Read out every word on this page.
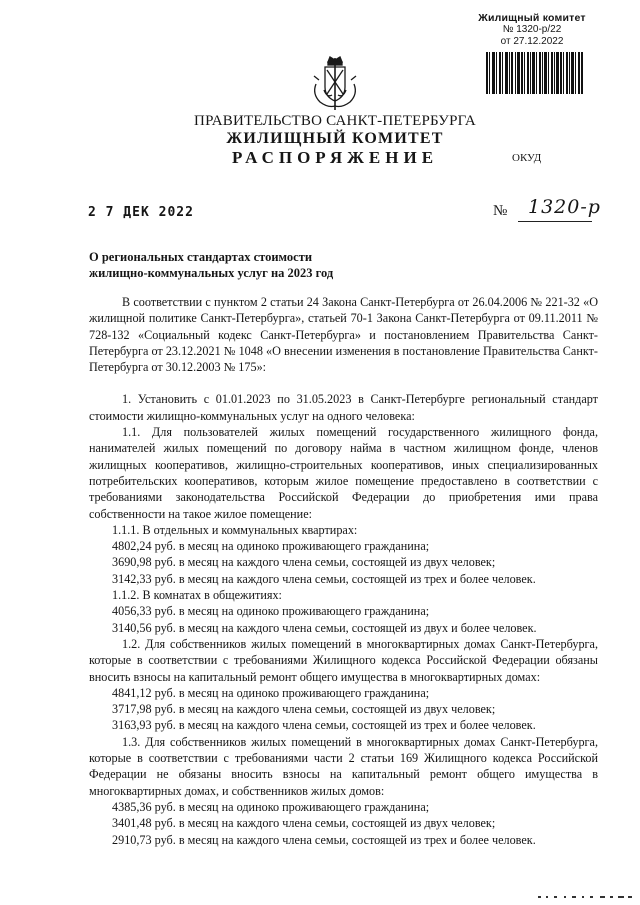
Жилищный комитет
№ 1320-р/22
от 27.12.2022
ПРАВИТЕЛЬСТВО САНКТ-ПЕТЕРБУРГА
ЖИЛИЩНЫЙ КОМИТЕТ
РАСПОРЯЖЕНИЕ	ОКУД
2 7 ДЕК 2022	№ 1320-р
О региональных стандартах стоимости
жилищно-коммунальных услуг на 2023 год

В соответствии с пунктом 2 статьи 24 Закона Санкт-Петербурга от 26.04.2006 № 221-32 «О жилищной политике Санкт-Петербурга», статьей 70-1 Закона Санкт-Петербурга от 09.11.2011 № 728-132 «Социальный кодекс Санкт-Петербурга» и постановлением Правительства Санкт-Петербурга от 23.12.2021 № 1048 «О внесении изменения в постановление Правительства Санкт-Петербурга от 30.12.2003 № 175»:

1. Установить с 01.01.2023 по 31.05.2023 в Санкт-Петербурге региональный стандарт стоимости жилищно-коммунальных услуг на одного человека:

1.1. Для пользователей жилых помещений государственного жилищного фонда, нанимателей жилых помещений по договору найма в частном жилищном фонде, членов жилищных кооперативов, жилищно-строительных кооперативов, иных специализированных потребительских кооперативов, которым жилое помещение предоставлено в соответствии с требованиями законодательства Российской Федерации до приобретения ими права собственности на такое жилое помещение:

1.1.1. В отдельных и коммунальных квартирах:

4802,24 руб. в месяц на одиноко проживающего гражданина;

3690,98 руб. в месяц на каждого члена семьи, состоящей из двух человек;

3142,33 руб. в месяц на каждого члена семьи, состоящей из трех и более человек.

1.1.2. В комнатах в общежитиях:

4056,33 руб. в месяц на одиноко проживающего гражданина;

3140,56 руб. в месяц на каждого члена семьи, состоящей из двух и более человек.

1.2. Для собственников жилых помещений в многоквартирных домах Санкт-Петербурга, которые в соответствии с требованиями Жилищного кодекса Российской Федерации обязаны вносить взносы на капитальный ремонт общего имущества в многоквартирных домах:

4841,12 руб. в месяц на одиноко проживающего гражданина;

3717,98 руб. в месяц на каждого члена семьи, состоящей из двух человек;

3163,93 руб. в месяц на каждого члена семьи, состоящей из трех и более человек.

1.3. Для собственников жилых помещений в многоквартирных домах Санкт-Петербурга, которые в соответствии с требованиями части 2 статьи 169 Жилищного кодекса Российской Федерации не обязаны вносить взносы на капитальный ремонт общего имущества в многоквартирных домах, и собственников жилых домов:

4385,36 руб. в месяц на одиноко проживающего гражданина;

3401,48 руб. в месяц на каждого члена семьи, состоящей из двух человек;

2910,73 руб. в месяц на каждого члена семьи, состоящей из трех и более человек.
